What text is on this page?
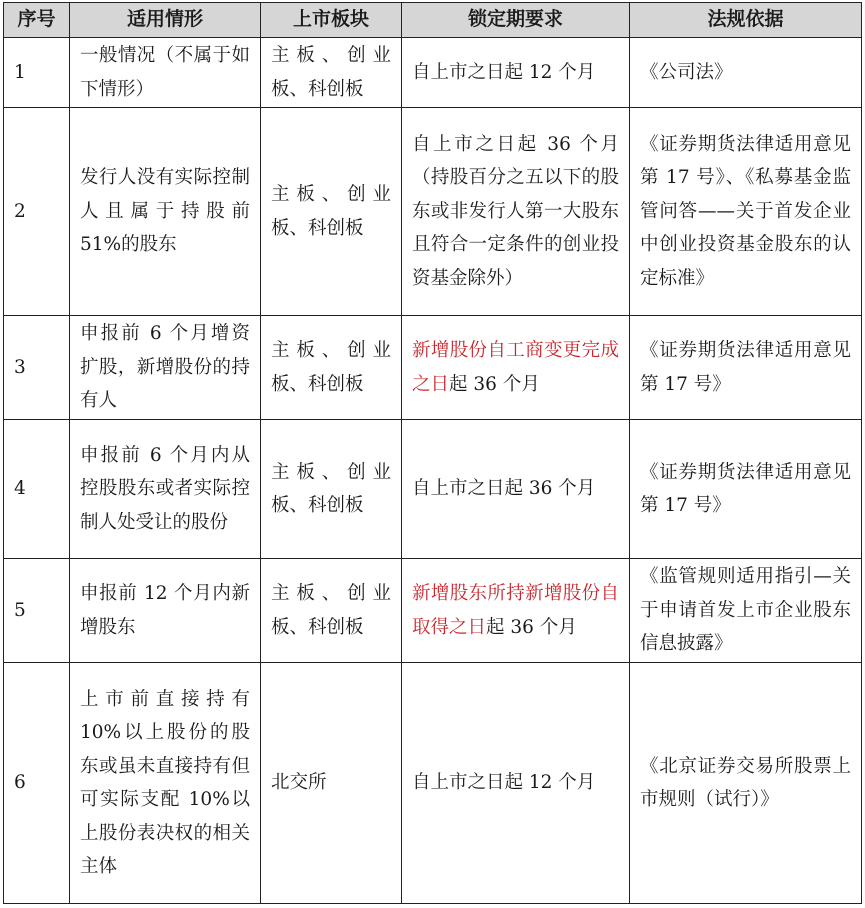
序号	适用情形	上市板块	锁定期要求	法规依据
1	一般情况（不属于如下情形）	主板、创业板、科创板	自上市之日起 12 个月	《公司法》

2	发行人没有实际控制人且属于持股前 51%的股东	主板、创业板、科创板	自上市之日起 36 个月（持股百分之五以下的股东或非发行人第一大股东且符合一定条件的创业投资基金除外）	《证券期货法律适用意见第 17 号》、《私募基金监管问答——关于首发企业中创业投资基金股东的认定标准》

3	申报前 6 个月增资扩股，新增股份的持有人	主板、创业板、科创板	新增股份自工商变更完成之日起 36 个月	《证券期货法律适用意见第 17 号》

4	申报前 6 个月内从控股股东或者实际控制人处受让的股份	主板、创业板、科创板	自上市之日起 36 个月	《证券期货法律适用意见第 17 号》

5	申报前 12 个月内新增股东	主板、创业板、科创板	新增股东所持新增股份自取得之日起 36 个月	《监管规则适用指引—关于申请首发上市企业股东信息披露》

6	上市前直接持有 10%以上股份的股东或虽未直接持有但可实际支配 10%以上股份表决权的相关主体	北交所	自上市之日起 12 个月	《北京证券交易所股票上市规则（试行）》
